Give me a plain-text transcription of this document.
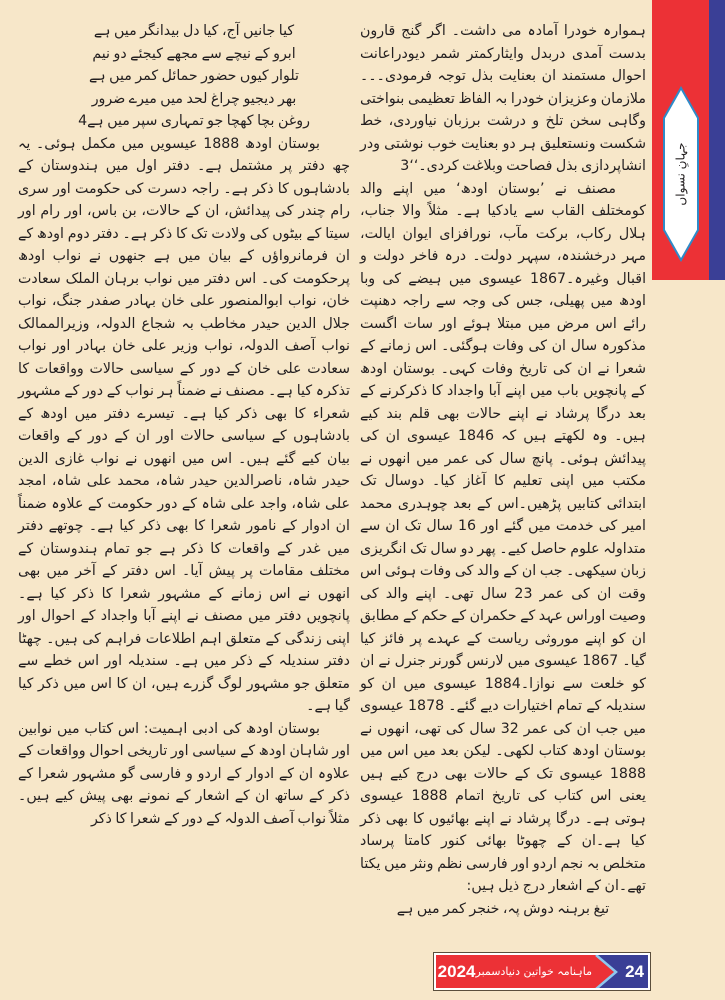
جہانِ نسواں

ہموارہ خودرا آمادہ می داشت۔ اگر گنج قارون بدست آمدی دربدل وایثارکمتر شمر دیودراعانت احوال مستمند ان بعنایت بذل توجہ فرمودی۔۔۔ملازمان وعزیزان خودرا بہ الفاظ تعظیمی بنواختی وگاہی سخن تلخ و درشت برزبان نیاوردی، خط شکست ونستعلیق ہر دو بعنایت خوب نوشتی ودر انشاپردازی بذل فصاحت وبلاغت کردی۔‘‘3

مصنف نے ’بوستان اودھ‘ میں اپنے والد کومختلف القاب سے یادکیا ہے۔ مثلاً والا جناب، ہلال رکاب، برکت مآب، نورافزای ایوان ایالت، مہر درخشندہ، سپہر دولت۔ درہ فاخر دولت و اقبال وغیرہ۔1867 عیسوی میں ہیضے کی وبا اودھ میں پھیلی، جس کی وجہ سے راجہ دھنپت رائے اس مرض میں مبتلا ہوئے اور سات اگست مذکورہ سال ان کی وفات ہوگئی۔ اس زمانے کے شعرا نے ان کی تاریخ وفات کہی۔ بوستان اودھ کے پانچویں باب میں اپنے آبا واجداد کا ذکرکرنے کے بعد درگا پرشاد نے اپنے حالات بھی قلم بند کیے ہیں۔ وہ لکھتے ہیں کہ 1846 عیسوی ان کی پیدائش ہوئی۔ پانچ سال کی عمر میں انھوں نے مکتب میں اپنی تعلیم کا آغاز کیا۔ دوسال تک ابتدائی کتابیں پڑھیں۔اس کے بعد چوہدری محمد امیر کی خدمت میں گئے اور 16 سال تک ان سے متداولہ علوم حاصل کیے۔ پھر دو سال تک انگریزی زبان سیکھی۔ جب ان کے والد کی وفات ہوئی اس وقت ان کی عمر 23 سال تھی۔ اپنے والد کی وصیت اوراس عہد کے حکمران کے حکم کے مطابق ان کو اپنے موروثی ریاست کے عہدے پر فائز کیا گیا۔ 1867 عیسوی میں لارنس گورنر جنرل نے ان کو خلعت سے نوازا۔1884 عیسوی میں ان کو سندیلہ کے تمام اختیارات دیے گئے۔ 1878 عیسوی میں جب ان کی عمر 32 سال کی تھی، انھوں نے بوستان اودھ کتاب لکھی۔ لیکن بعد میں اس میں 1888 عیسوی تک کے حالات بھی درج کیے ہیں یعنی اس کتاب کی تاریخ اتمام 1888 عیسوی ہوتی ہے۔ درگا پرشاد نے اپنے بھائیوں کا بھی ذکر کیا ہے۔ان کے چھوٹا بھائی کنور کامتا پرساد متخلص بہ نجم اردو اور فارسی نظم ونثر میں یکتا تھے۔ان کے اشعار درج ذیل ہیں:

تیغ برہنہ دوش پہ، خنجر کمر میں ہے

کیا جانیں آج، کیا دل بیدانگر میں ہے
ابرو کے نیچے سے مجھے کیجئے دو نیم
تلوار کیوں حضور حمائل کمر میں ہے
بھر دیجیو چراغ لحد میں میرے ضرور
روغن بچا کھچا جو تمہاری سپر میں ہے4

بوستان اودھ 1888 عیسویں میں مکمل ہوئی۔ یہ چھ دفتر پر مشتمل ہے۔ دفتر اول میں ہندوستان کے بادشاہوں کا ذکر ہے۔ راجہ دسرت کی حکومت اور سری رام چندر کی پیدائش، ان کے حالات، بن باس، اور رام اور سیتا کے بیٹوں کی ولادت تک کا ذکر ہے۔ دفتر دوم اودھ کے ان فرمانرواؤں کے بیان میں ہے جنھوں نے نواب اودھ پرحکومت کی۔ اس دفتر میں نواب برہان الملک سعادت خان، نواب ابوالمنصور علی خان بہادر صفدر جنگ، نواب جلال الدین حیدر مخاطب بہ شجاع الدولہ، وزیرالممالک نواب آصف الدولہ، نواب وزیر علی خان بہادر اور نواب سعادت علی خان کے دور کے سیاسی حالات وواقعات کا تذکرہ کیا ہے۔ مصنف نے ضمناً ہر نواب کے دور کے مشہور شعراء کا بھی ذکر کیا ہے۔ تیسرے دفتر میں اودھ کے بادشاہوں کے سیاسی حالات اور ان کے دور کے واقعات بیان کیے گئے ہیں۔ اس میں انھوں نے نواب غازی الدین حیدر شاہ، ناصرالدین حیدر شاہ، محمد علی شاہ، امجد علی شاہ، واجد علی شاہ کے دور حکومت کے علاوہ ضمناً ان ادوار کے نامور شعرا کا بھی ذکر کیا ہے۔ چوتھے دفتر میں غدر کے واقعات کا ذکر ہے جو تمام ہندوستان کے مختلف مقامات پر پیش آیا۔ اس دفتر کے آخر میں بھی انھوں نے اس زمانے کے مشہور شعرا کا ذکر کیا ہے۔ پانچویں دفتر میں مصنف نے اپنے آبا واجداد کے احوال اور اپنی زندگی کے متعلق اہم اطلاعات فراہم کی ہیں۔ چھٹا دفتر سندیلہ کے ذکر میں ہے۔ سندیلہ اور اس خطے سے متعلق جو مشہور لوگ گزرے ہیں، ان کا اس میں ذکر کیا گیا ہے۔

بوستان اودھ کی ادبی اہمیت: اس کتاب میں نوابین اور شاہان اودھ کے سیاسی اور تاریخی احوال وواقعات کے علاوہ ان کے ادوار کے اردو و فارسی گو مشہور شعرا کے ذکر کے ساتھ ان کے اشعار کے نمونے بھی پیش کیے ہیں۔ مثلاً نواب آصف الدولہ کے دور کے شعرا کا ذکر

24
ماہنامہ خواتین دنیا
دسمبر
2024
